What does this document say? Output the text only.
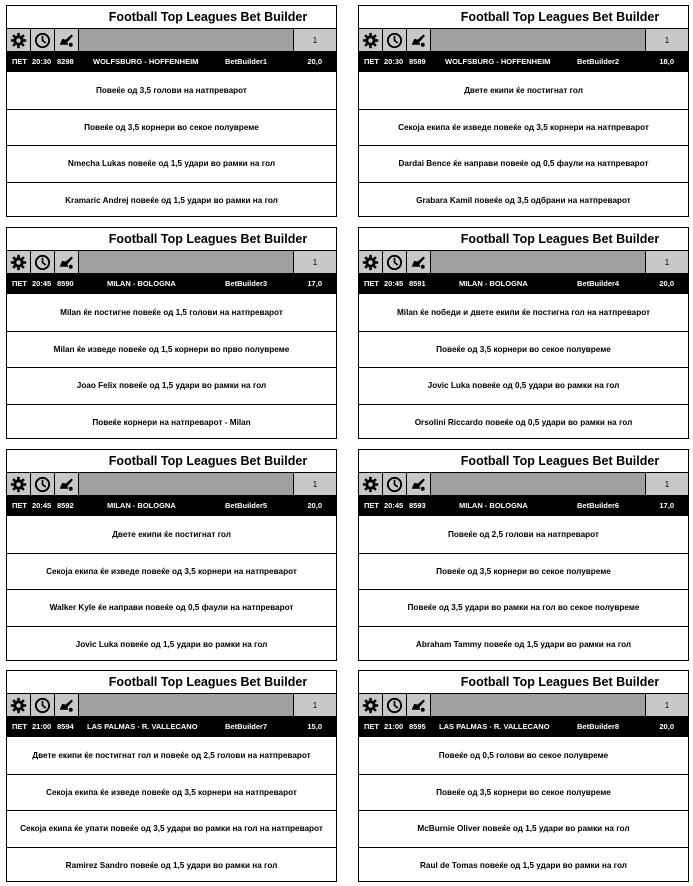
Football Top Leagues Bet Builder
1
ПЕТ 20:30 8298	WOLFSBURG - HOFFENHEIM	BetBuilder1	20,0
Повеќе од 3,5 голови на натпреварот
Повеќе од 3,5 корнери во секое полувреме
Nmecha Lukas повеќе од 1,5 удари во рамки на гол
Kramaric Andrej повеќе од 1,5 удари во рамки на гол
Football Top Leagues Bet Builder
1
ПЕТ 20:30 8589	WOLFSBURG - HOFFENHEIM	BetBuilder2	18,0
Двете екипи ќе постигнат гол
Секоја екипа ќе изведе повеќе од 3,5 корнери на натпреварот
Dardai Bence ќе направи повеќе од 0,5 фаули на натпреварот
Grabara Kamil повеќе од 3,5 одбрани на натпреварот
Football Top Leagues Bet Builder
1
ПЕТ 20:45 8590	MILAN - BOLOGNA	BetBuilder3	17,0
Milan ќе постигне повеќе од 1,5 голови на натпреварот
Milan ќе изведе повеќе од 1,5 корнери во прво полувреме
Joao Felix повеќе од 1,5 удари во рамки на гол
Повеќе корнери на натпреварот - Milan
Football Top Leagues Bet Builder
1
ПЕТ 20:45 8591	MILAN - BOLOGNA	BetBuilder4	20,0
Milan ќе победи и двете екипи ќе постигна гол на натпреварот
Повеќе од 3,5 корнери во секое полувреме
Jovic Luka повеќе од 0,5 удари во рамки на гол
Orsolini Riccardo повеќе од 0,5 удари во рамки на гол
Football Top Leagues Bet Builder
1
ПЕТ 20:45 8592	MILAN - BOLOGNA	BetBuilder5	20,0
Двете екипи ќе постигнат гол
Секоја екипа ќе изведе повеќе од 3,5 корнери на натпреварот
Walker Kyle ќе направи повеќе од 0,5 фаули на натпреварот
Jovic Luka повеќе од 1,5 удари во рамки на гол
Football Top Leagues Bet Builder
1
ПЕТ 20:45 8593	MILAN - BOLOGNA	BetBuilder6	17,0
Повеќе од 2,5 голови на натпреварот
Повеќе од 3,5 корнери во секое полувреме
Повеќе од 3,5 удари во рамки на гол во секое полувреме
Abraham Tammy повеќе од 1,5 удари во рамки на гол
Football Top Leagues Bet Builder
1
ПЕТ 21:00 8594 LAS PALMAS - R. VALLECANO	BetBuilder7	15,0
Двете екипи ќе постигнат гол и повеќе од 2,5 голови на натпреварот
Секоја екипа ќе изведе повеќе од 3,5 корнери на натпреварот
Секоја екипа ќе упати повеќе од 3,5 удари во рамки на гол на натпреварот
Ramirez Sandro повеќе од 1,5 удари во рамки на гол
Football Top Leagues Bet Builder
1
ПЕТ 21:00 8595 LAS PALMAS - R. VALLECANO	BetBuilder8	20,0
Повеќе од 0,5 голови во секое полувреме
Повеќе од 3,5 корнери во секое полувреме
McBurnie Oliver повеќе од 1,5 удари во рамки на гол
Raul de Tomas повеќе од 1,5 удари во рамки на гол
